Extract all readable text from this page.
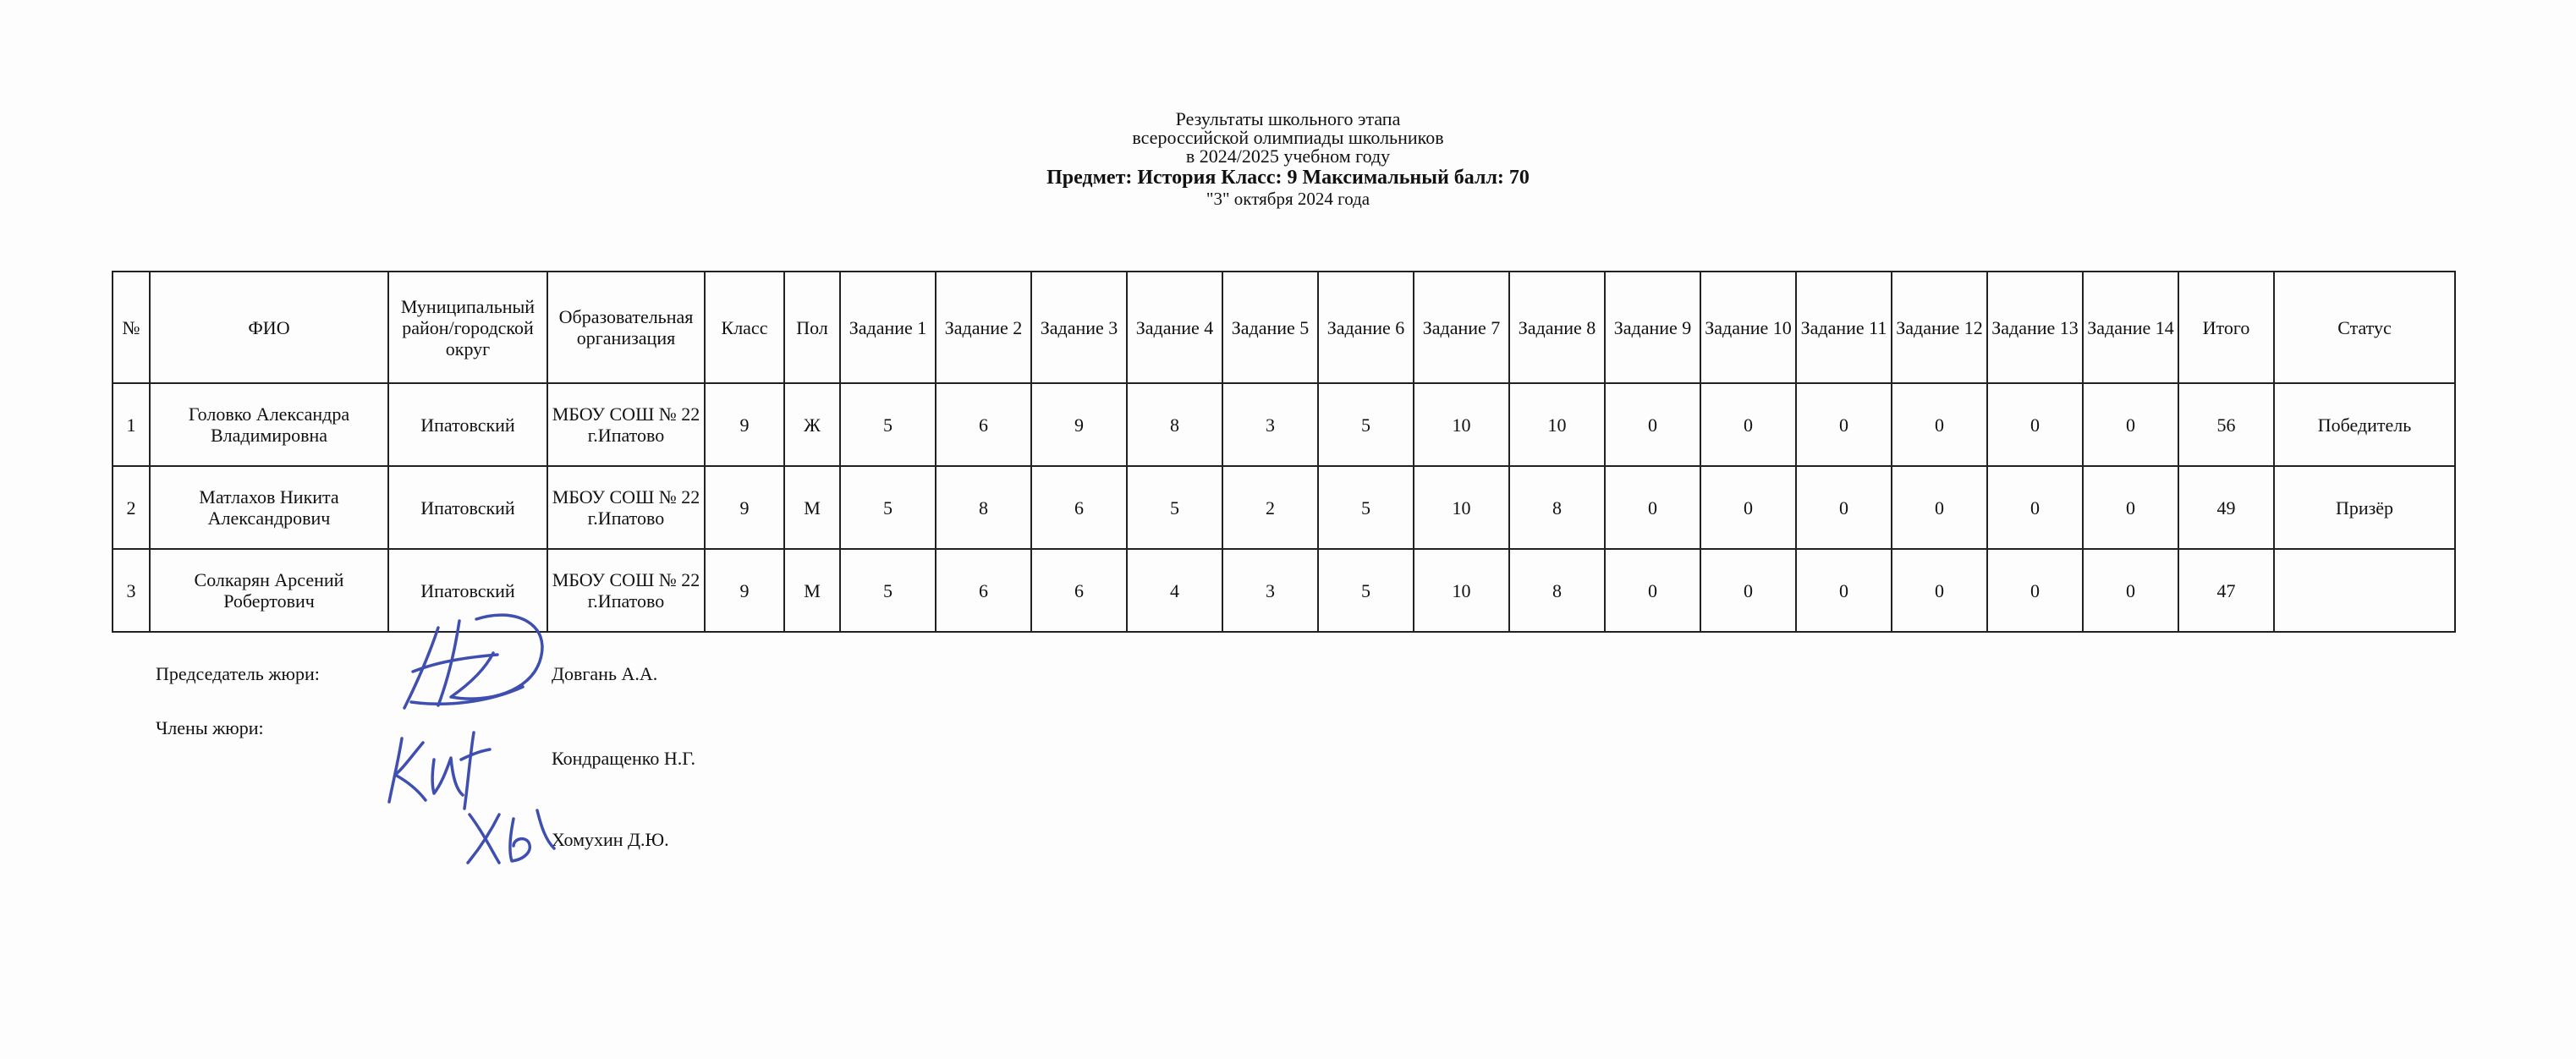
Результаты школьного этапа
всероссийской олимпиады школьников
в 2024/2025 учебном году
Предмет: История Класс: 9 Максимальный балл: 70
"3" октября 2024 года
№	ФИО	Муниципальный район/городской округ	Образовательная организация	Класс	Пол	Задание 1	Задание 2	Задание 3	Задание 4	Задание 5	Задание 6	Задание 7	Задание 8	Задание 9	Задание 10	Задание 11	Задание 12	Задание 13	Задание 14	Итого	Статус
1	Головко Александра Владимировна	Ипатовский	МБОУ СОШ № 22 г.Ипатово	9	Ж	5	6	9	8	3	5	10	10	0	0	0	0	0	0	56	Победитель
2	Матлахов Никита Александрович	Ипатовский	МБОУ СОШ № 22 г.Ипатово	9	М	5	8	6	5	2	5	10	8	0	0	0	0	0	0	49	Призёр
3	Солкарян Арсений Робертович	Ипатовский	МБОУ СОШ № 22 г.Ипатово	9	М	5	6	6	4	3	5	10	8	0	0	0	0	0	0	47	
Председатель жюри:
Члены жюри:
Довгань А.А.
Кондращенко Н.Г.
Хомухин Д.Ю.
